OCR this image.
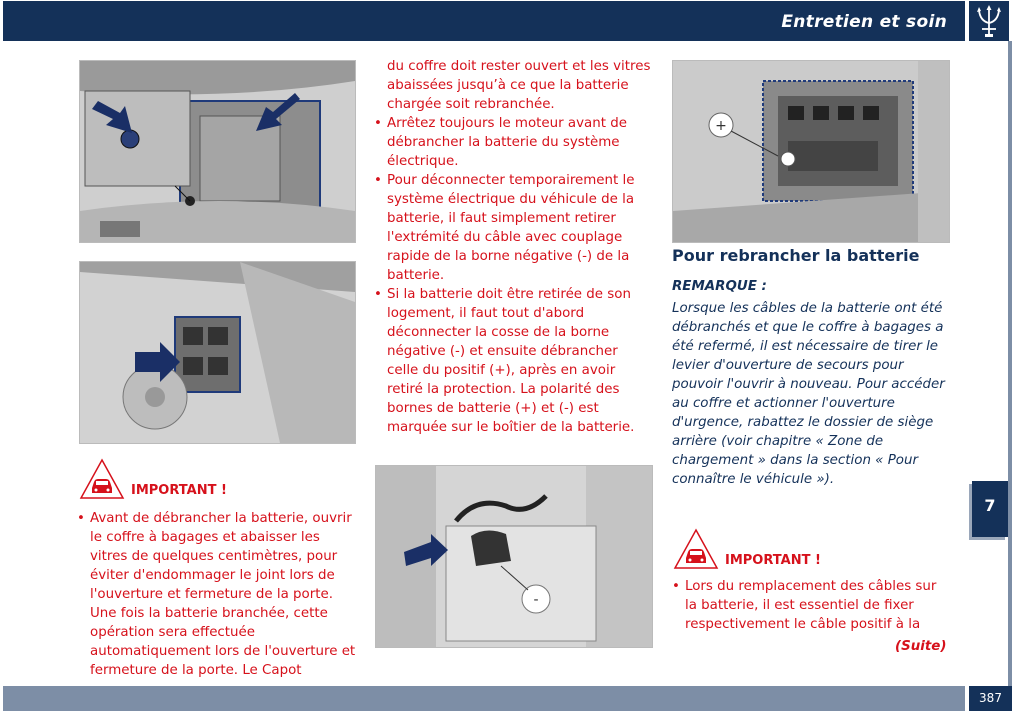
Entretien et soin
7
IMPORTANT !
• Avant de débrancher la batterie, ouvrir le coffre à bagages et abaisser les vitres de quelques centimètres, pour éviter d'endommager le joint lors de l'ouverture et fermeture de la porte. Une fois la batterie branchée, cette opération sera effectuée automatiquement lors de l'ouverture et fermeture de la porte. Le Capot
du coffre doit rester ouvert et les vitres abaissées jusqu’à ce que la batterie chargée soit rebranchée.
• Arrêtez toujours le moteur avant de débrancher la batterie du système électrique.
• Pour déconnecter temporairement le système électrique du véhicule de la batterie, il faut simplement retirer l'extrémité du câble avec couplage rapide de la borne négative (-) de la batterie.
• Si la batterie doit être retirée de son logement, il faut tout d'abord déconnecter la cosse de la borne négative (-) et ensuite débrancher celle du positif (+), après en avoir retiré la protection. La polarité des bornes de batterie (+) et (-) est marquée sur le boîtier de la batterie.
-
+
Pour rebrancher la batterie
REMARQUE :
Lorsque les câbles de la batterie ont été débranchés et que le coffre à bagages a été refermé, il est nécessaire de tirer le levier d'ouverture de secours pour pouvoir l'ouvrir à nouveau. Pour accéder au coffre et actionner l'ouverture d'urgence, rabattez le dossier de siège arrière (voir chapitre « Zone de chargement » dans la section « Pour connaître le véhicule »).
IMPORTANT !
• Lors du remplacement des câbles sur la batterie, il est essentiel de fixer respectivement le câble positif à la
(Suite)
387
